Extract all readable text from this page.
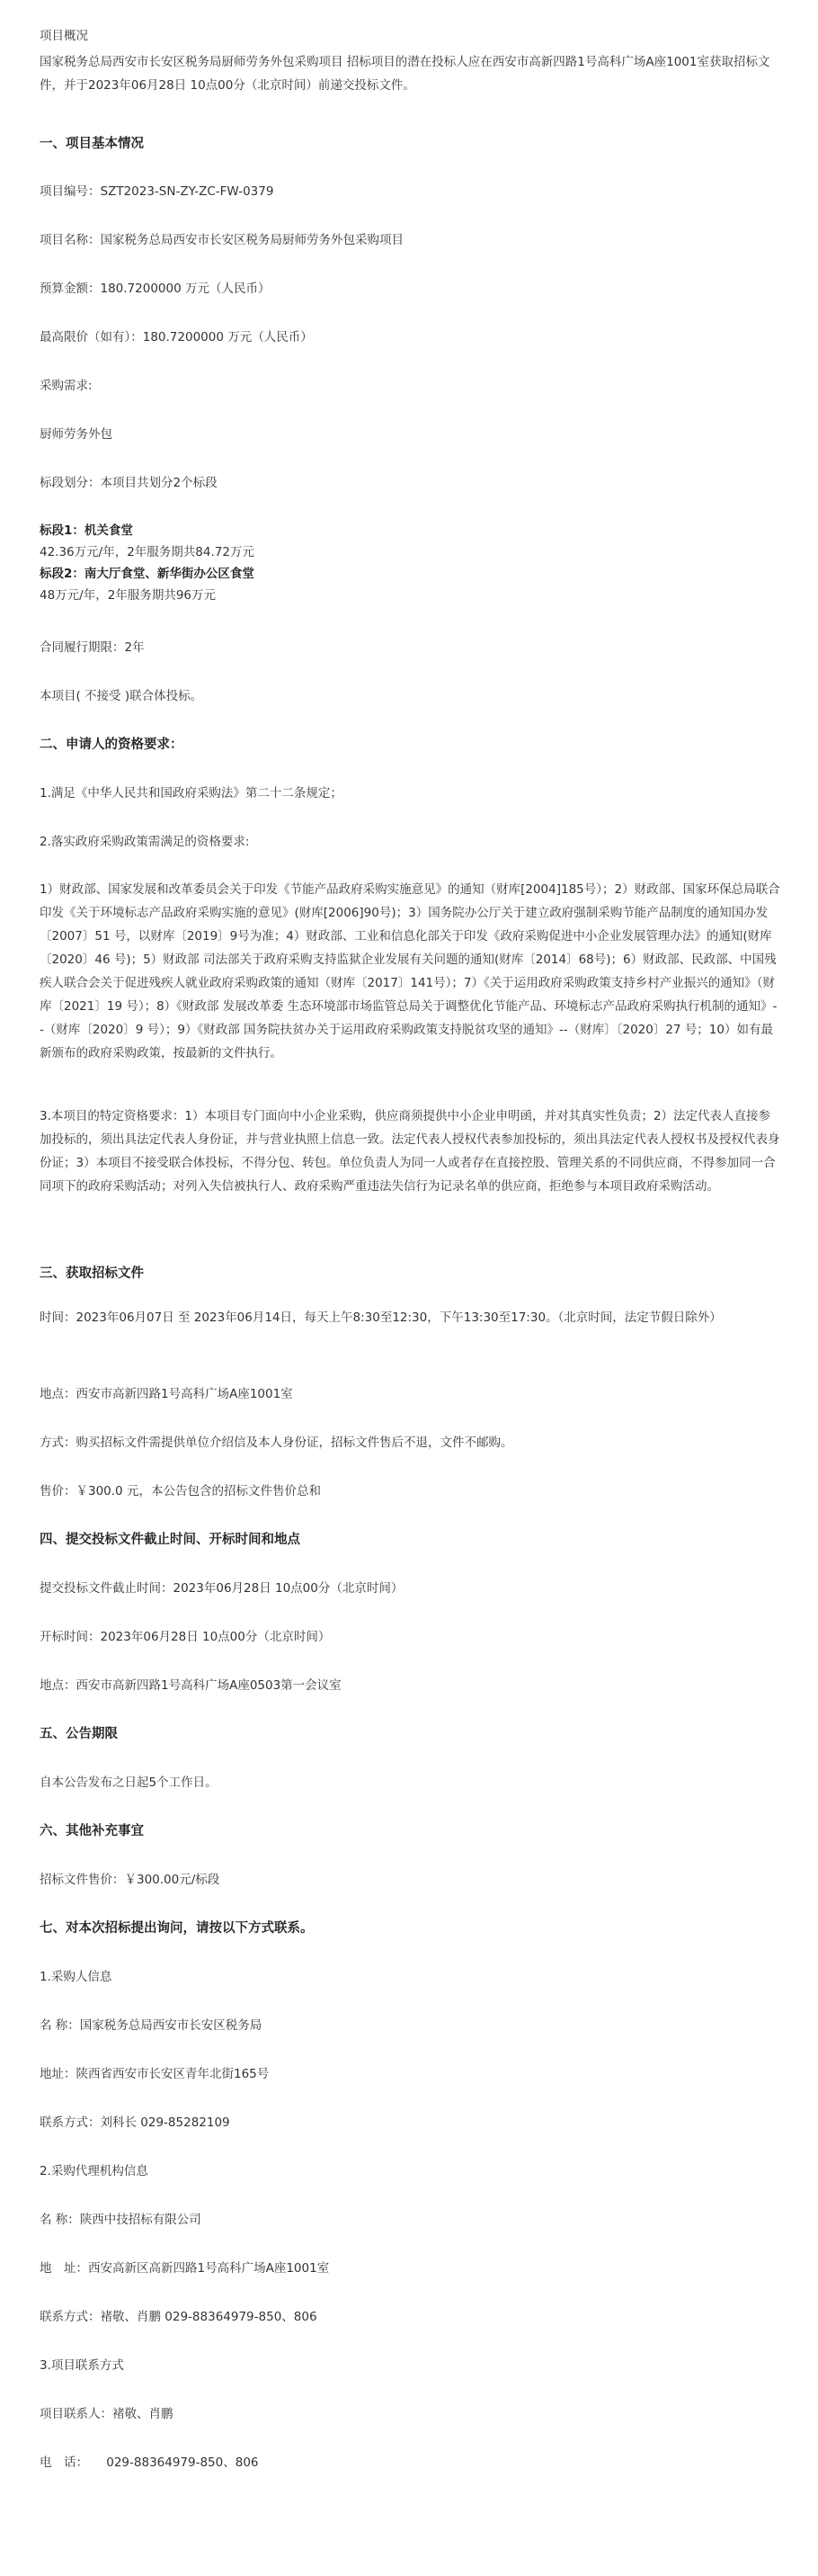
项目概况
国家税务总局西安市长安区税务局厨师劳务外包采购项目 招标项目的潜在投标人应在西安市高新四路1号高科广场A座1001室获取招标文件，并于2023年06月28日 10点00分（北京时间）前递交投标文件。
一、项目基本情况
项目编号：SZT2023-SN-ZY-ZC-FW-0379
项目名称：国家税务总局西安市长安区税务局厨师劳务外包采购项目
预算金额：180.7200000 万元（人民币）
最高限价（如有）：180.7200000 万元（人民币）
采购需求:
厨师劳务外包
标段划分：本项目共划分2个标段
标段1：机关食堂
42.36万元/年，2年服务期共84.72万元
标段2：南大厅食堂、新华街办公区食堂
48万元/年，2年服务期共96万元
合同履行期限：2年
本项目( 不接受 )联合体投标。
二、申请人的资格要求：
1.满足《中华人民共和国政府采购法》第二十二条规定；
2.落实政府采购政策需满足的资格要求:
1）财政部、国家发展和改革委员会关于印发《节能产品政府采购实施意见》的通知（财库[2004]185号）；2）财政部、国家环保总局联合印发《关于环境标志产品政府采购实施的意见》(财库[2006]90号)；3）国务院办公厅关于建立政府强制采购节能产品制度的通知国办发〔2007〕51 号，以财库〔2019〕9号为准；4）财政部、工业和信息化部关于印发《政府采购促进中小企业发展管理办法》的通知(财库〔2020〕46 号)；5）财政部 司法部关于政府采购支持监狱企业发展有关问题的通知(财库〔2014〕68号)；6）财政部、民政部、中国残疾人联合会关于促进残疾人就业政府采购政策的通知（财库〔2017〕141号）；7）《关于运用政府采购政策支持乡村产业振兴的通知》（财库〔2021〕19 号）；8）《财政部 发展改革委 生态环境部市场监管总局关于调整优化节能产品、环境标志产品政府采购执行机制的通知》--（财库〔2020〕9 号）；9）《财政部 国务院扶贫办关于运用政府采购政策支持脱贫攻坚的通知》--（财库〕〔2020〕27 号；10）如有最新颁布的政府采购政策，按最新的文件执行。
3.本项目的特定资格要求：1）本项目专门面向中小企业采购，供应商须提供中小企业申明函，并对其真实性负责；2）法定代表人直接参加投标的，须出具法定代表人身份证，并与营业执照上信息一致。法定代表人授权代表参加投标的，须出具法定代表人授权书及授权代表身份证；3）本项目不接受联合体投标，不得分包、转包。单位负责人为同一人或者存在直接控股、管理关系的不同供应商，不得参加同一合同项下的政府采购活动；对列入失信被执行人、政府采购严重违法失信行为记录名单的供应商，拒绝参与本项目政府采购活动。
三、获取招标文件
时间：2023年06月07日 至 2023年06月14日，每天上午8:30至12:30，下午13:30至17:30。（北京时间，法定节假日除外）
地点：西安市高新四路1号高科广场A座1001室
方式：购买招标文件需提供单位介绍信及本人身份证，招标文件售后不退，文件不邮购。
售价：￥300.0 元，本公告包含的招标文件售价总和
四、提交投标文件截止时间、开标时间和地点
提交投标文件截止时间：2023年06月28日 10点00分（北京时间）
开标时间：2023年06月28日 10点00分（北京时间）
地点：西安市高新四路1号高科广场A座0503第一会议室
五、公告期限
自本公告发布之日起5个工作日。
六、其他补充事宜
招标文件售价：￥300.00元/标段
七、对本次招标提出询问，请按以下方式联系。
1.采购人信息
名 称：国家税务总局西安市长安区税务局
地址：陕西省西安市长安区青年北街165号
联系方式：刘科长 029-85282109
2.采购代理机构信息
名 称：陕西中技招标有限公司
地　址：西安高新区高新四路1号高科广场A座1001室
联系方式：褚敬、肖鹏 029-88364979-850、806
3.项目联系方式
项目联系人：褚敬、肖鹏
电　话：　　029-88364979-850、806
